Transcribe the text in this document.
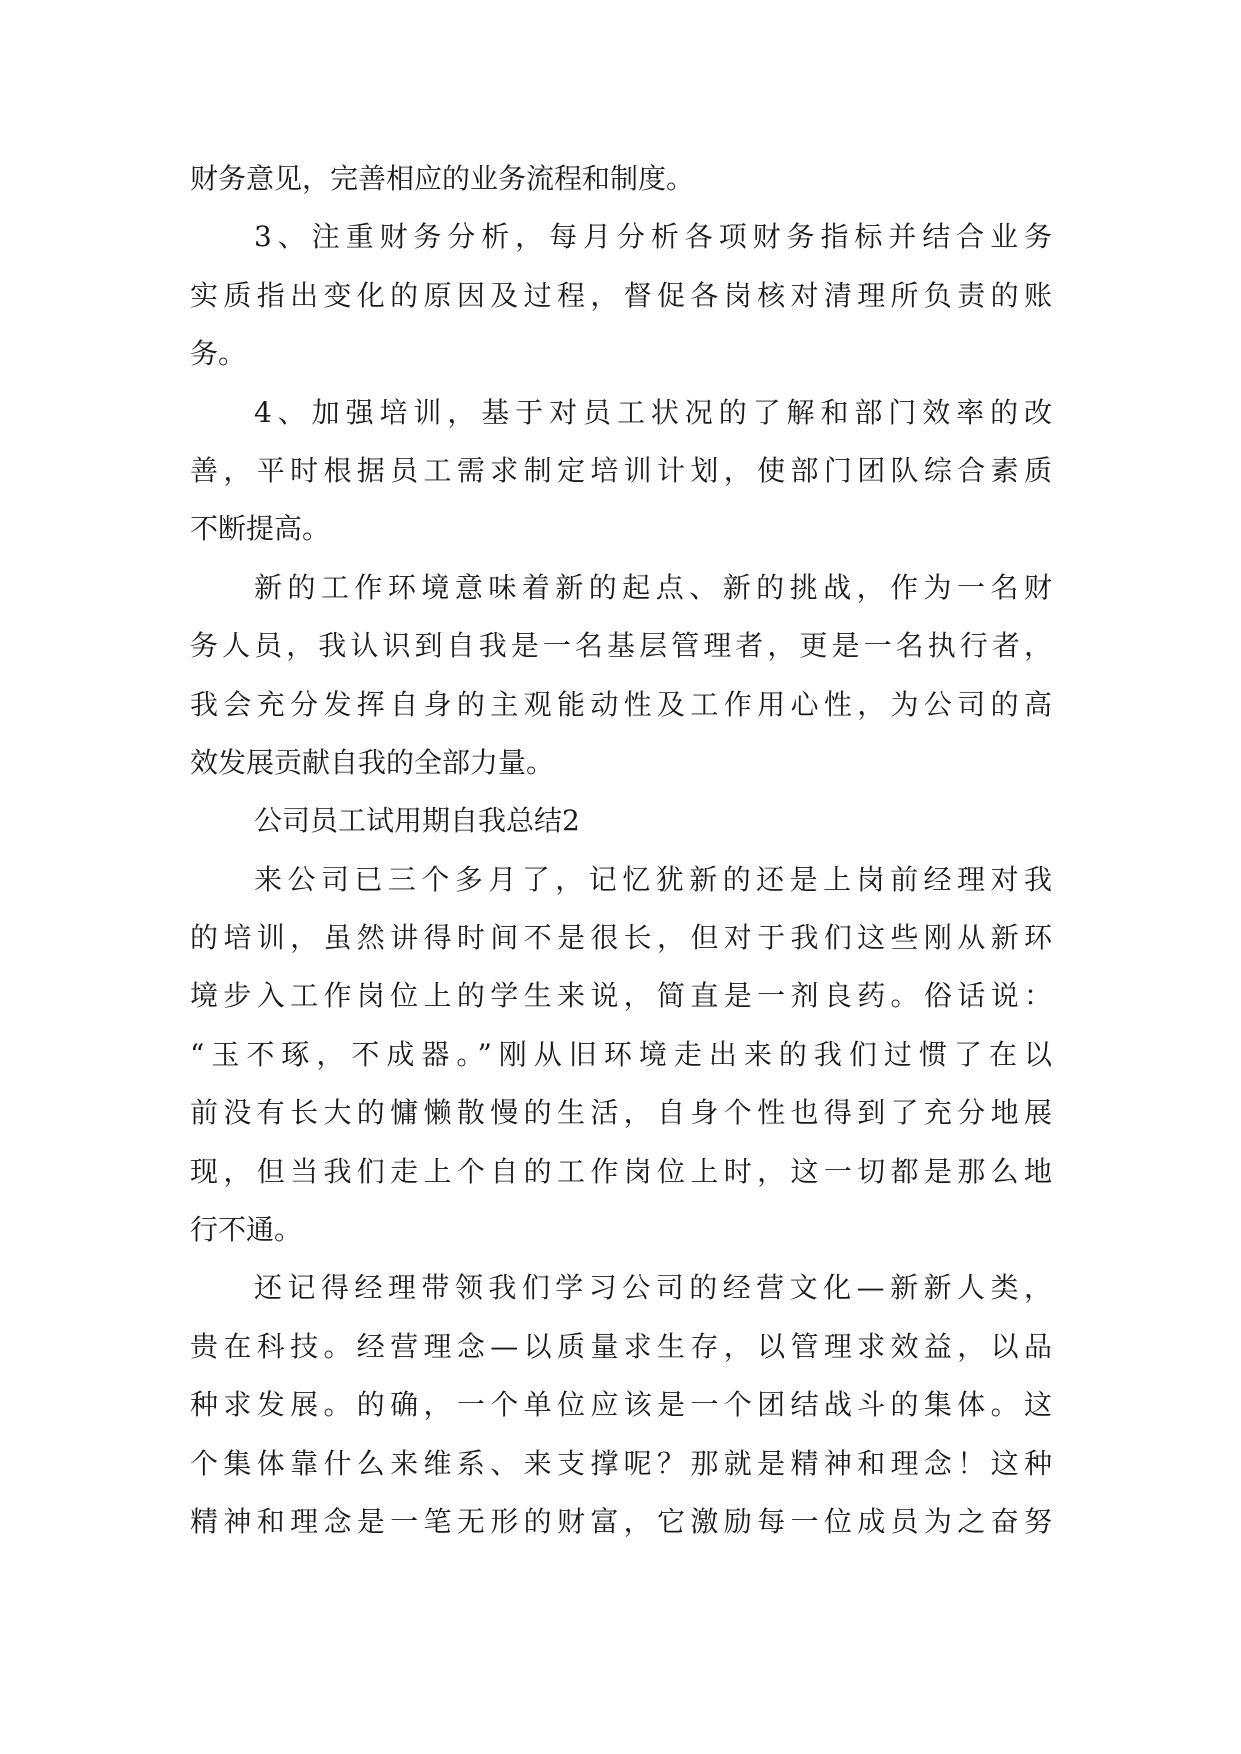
财务意见，完善相应的业务流程和制度。
3、注重财务分析，每月分析各项财务指标并结合业务
实质指出变化的原因及过程，督促各岗核对清理所负责的账
务。
4、加强培训，基于对员工状况的了解和部门效率的改
善，平时根据员工需求制定培训计划，使部门团队综合素质
不断提高。
新的工作环境意味着新的起点、新的挑战，作为一名财
务人员，我认识到自我是一名基层管理者，更是一名执行者，
我会充分发挥自身的主观能动性及工作用心性，为公司的高
效发展贡献自我的全部力量。
公司员工试用期自我总结2
来公司已三个多月了，记忆犹新的还是上岗前经理对我
的培训，虽然讲得时间不是很长，但对于我们这些刚从新环
境步入工作岗位上的学生来说，简直是一剂良药。俗话说：
“玉不琢，不成器。”刚从旧环境走出来的我们过惯了在以
前没有长大的慵懒散慢的生活，自身个性也得到了充分地展
现，但当我们走上个自的工作岗位上时，这一切都是那么地
行不通。
还记得经理带领我们学习公司的经营文化—新新人类，
贵在科技。经营理念—以质量求生存，以管理求效益，以品
种求发展。的确，一个单位应该是一个团结战斗的集体。这
个集体靠什么来维系、来支撑呢？那就是精神和理念！这种
精神和理念是一笔无形的财富，它激励每一位成员为之奋努
